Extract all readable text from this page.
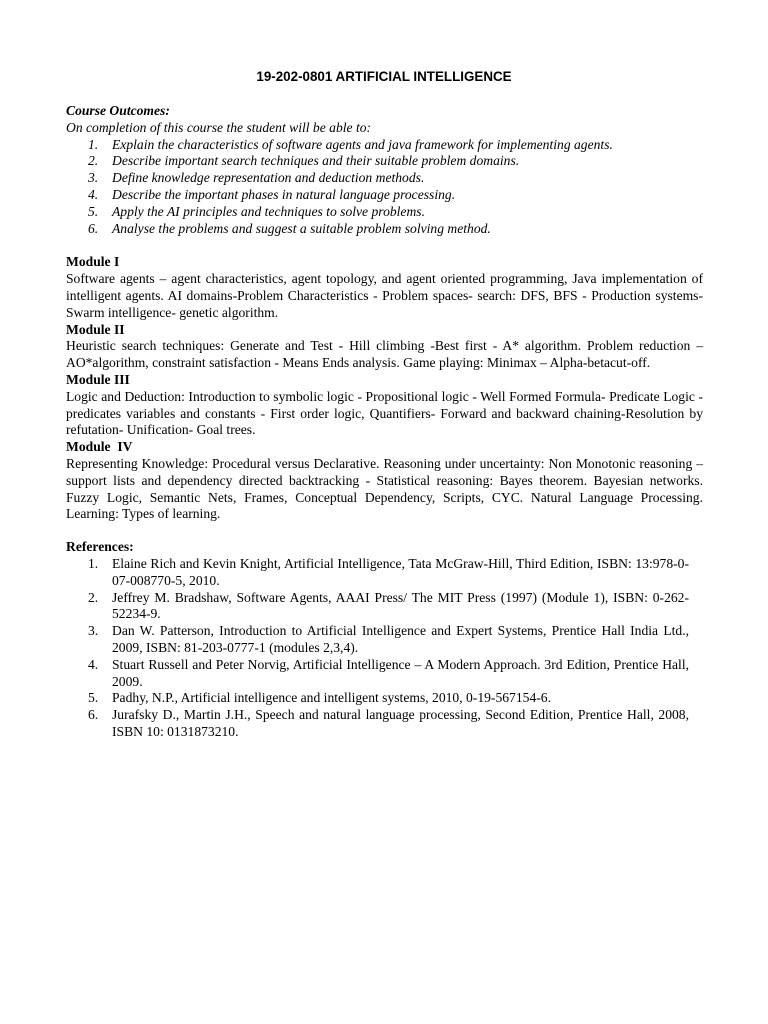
19-202-0801 ARTIFICIAL INTELLIGENCE
Course Outcomes:
On completion of this course the student will be able to:
1. Explain the characteristics of software agents and java framework for implementing agents.
2. Describe important search techniques and their suitable problem domains.
3. Define knowledge representation and deduction methods.
4. Describe the important phases in natural language processing.
5. Apply the AI principles and techniques to solve problems.
6. Analyse the problems and suggest a suitable problem solving method.
Module I
Software agents – agent characteristics, agent topology, and agent oriented programming, Java implementation of intelligent agents. AI domains-Problem Characteristics - Problem spaces- search: DFS, BFS - Production systems- Swarm intelligence- genetic algorithm.
Module II
Heuristic search techniques: Generate and Test - Hill climbing -Best first - A* algorithm. Problem reduction –AO*algorithm, constraint satisfaction - Means Ends analysis. Game playing: Minimax – Alpha-betacut-off.
Module III
Logic and Deduction: Introduction to symbolic logic - Propositional logic - Well Formed Formula- Predicate Logic - predicates variables and constants - First order logic, Quantifiers- Forward and backward chaining-Resolution by refutation- Unification- Goal trees.
Module  IV
Representing Knowledge: Procedural versus Declarative. Reasoning under uncertainty: Non Monotonic reasoning –support lists and dependency directed backtracking - Statistical reasoning: Bayes theorem. Bayesian networks. Fuzzy Logic, Semantic Nets, Frames, Conceptual Dependency, Scripts, CYC. Natural Language Processing. Learning: Types of learning.
References:
1. Elaine Rich and Kevin Knight, Artificial Intelligence, Tata McGraw-Hill, Third Edition, ISBN: 13:978-0-07-008770-5, 2010.
2. Jeffrey M. Bradshaw, Software Agents, AAAI Press/ The MIT Press (1997) (Module 1), ISBN: 0-262-52234-9.
3. Dan W. Patterson, Introduction to Artificial Intelligence and Expert Systems, Prentice Hall India Ltd., 2009, ISBN: 81-203-0777-1 (modules 2,3,4).
4. Stuart Russell and Peter Norvig, Artificial Intelligence – A Modern Approach. 3rd Edition, Prentice Hall, 2009.
5. Padhy, N.P., Artificial intelligence and intelligent systems, 2010, 0-19-567154-6.
6. Jurafsky D., Martin J.H., Speech and natural language processing, Second Edition, Prentice Hall, 2008, ISBN 10: 0131873210.
